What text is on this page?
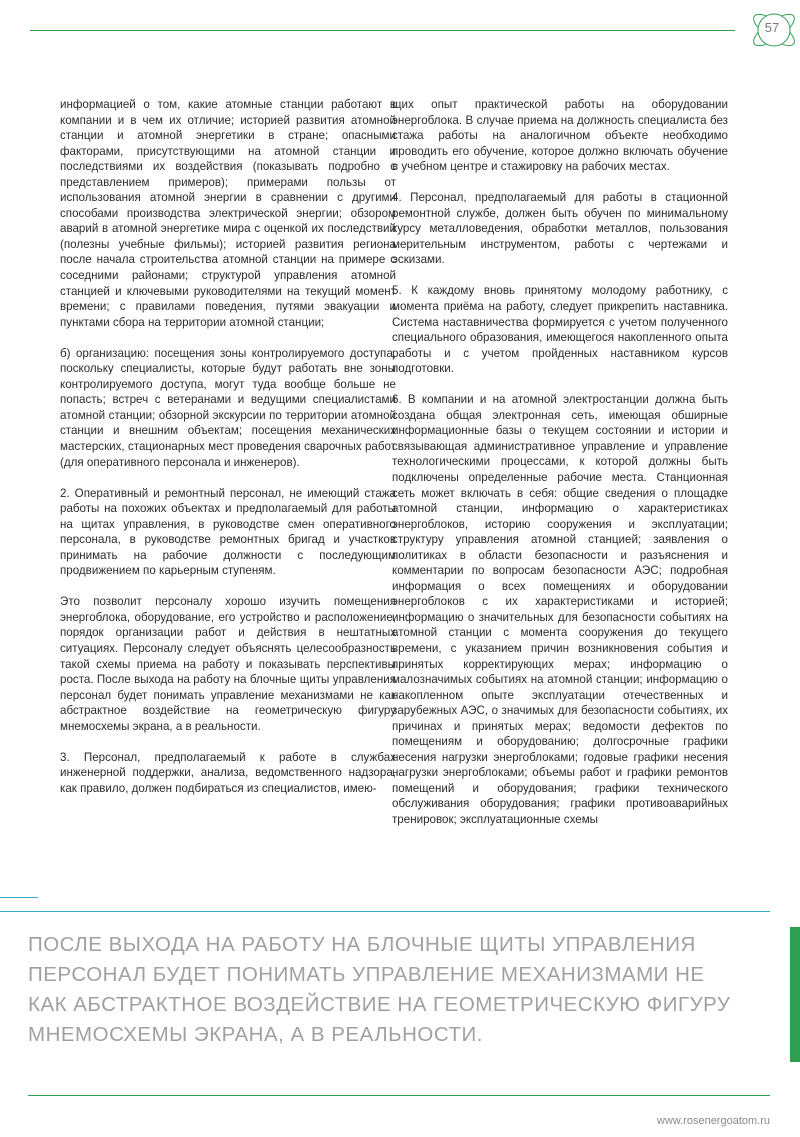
57

информацией о том, какие атомные станции работают в компании и в чем их отличие; историей развития атомной станции и атомной энергетики в стране; опасными факторами, присутствующими на атомной станции и последствиями их воздействия (показывать подробно с представлением примеров); примерами пользы от использования атомной энергии в сравнении с другими способами производства электрической энергии; обзором аварий в атомной энергетике мира с оценкой их последствий (полезны учебные фильмы); историей развития региона после начала строительства атомной станции на примере с соседними районами; структурой управления атомной станцией и ключевыми руководителями на текущий момент времени; с правилами поведения, путями эвакуации и пунктами сбора на территории атомной станции;

б) организацию: посещения зоны контролируемого доступа, поскольку специалисты, которые будут работать вне зоны контролируемого доступа, могут туда вообще больше не попасть; встреч с ветеранами и ведущими специалистами атомной станции; обзорной экскурсии по территории атомной станции и внешним объектам; посещения механических мастерских, стационарных мест проведения сварочных работ (для оперативного персонала и инженеров).

2. Оперативный и ремонтный персонал, не имеющий стажа работы на похожих объектах и предполагаемый для работы на щитах управления, в руководстве смен оперативного персонала, в руководстве ремонтных бригад и участков принимать на рабочие должности с последующим продвижением по карьерным ступеням.

Это позволит персоналу хорошо изучить помещения энергоблока, оборудование, его устройство и расположение, порядок организации работ и действия в нештатных ситуациях. Персоналу следует объяснять целесообразность такой схемы приема на работу и показывать перспективы роста. После выхода на работу на блочные щиты управления персонал будет понимать управление механизмами не как абстрактное воздействие на геометрическую фигуру мнемосхемы экрана, а в реальности.

3. Персонал, предполагаемый к работе в службах инженерной поддержки, анализа, ведомственного надзора, как правило, должен подбираться из специалистов, имею-

щих опыт практической работы на оборудовании энергоблока. В случае приема на должность специалиста без стажа работы на аналогичном объекте необходимо проводить его обучение, которое должно включать обучение в учебном центре и стажировку на рабочих местах.

4. Персонал, предполагаемый для работы в стационной ремонтной службе, должен быть обучен по минимальному курсу металловедения, обработки металлов, пользования мерительным инструментом, работы с чертежами и эскизами.

5. К каждому вновь принятому молодому работнику, с момента приёма на работу, следует прикрепить наставника. Система наставничества формируется с учетом полученного специального образования, имеющегося накопленного опыта работы и с учетом пройденных наставником курсов подготовки.

6. В компании и на атомной электростанции должна быть создана общая электронная сеть, имеющая обширные информационные базы о текущем состоянии и истории и связывающая административное управление и управление технологическими процессами, к которой должны быть подключены определенные рабочие места. Станционная сеть может включать в себя: общие сведения о площадке атомной станции, информацию о характеристиках энергоблоков, историю сооружения и эксплуатации; структуру управления атомной станцией; заявления о политиках в области безопасности и разъяснения и комментарии по вопросам безопасности АЭС; подробная информация о всех помещениях и оборудовании энергоблоков с их характеристиками и историей; информацию о значительных для безопасности событиях на атомной станции с момента сооружения до текущего времени, с указанием причин возникновения события и принятых корректирующих мерах; информацию о малозначимых событиях на атомной станции; информацию о накопленном опыте эксплуатации отечественных и зарубежных АЭС, о значимых для безопасности событиях, их причинах и принятых мерах; ведомости дефектов по помещениям и оборудованию; долгосрочные графики несения нагрузки энергоблоками; годовые графики несения нагрузки энергоблоками; объемы работ и графики ремонтов помещений и оборудования; графики технического обслуживания оборудования; графики противоаварийных тренировок; эксплуатационные схемы

ПОСЛЕ ВЫХОДА НА РАБОТУ НА БЛОЧНЫЕ ЩИТЫ УПРАВЛЕНИЯ ПЕРСОНАЛ БУДЕТ ПОНИМАТЬ УПРАВЛЕНИЕ МЕХАНИЗМАМИ НЕ КАК АБСТРАКТНОЕ ВОЗДЕЙСТВИЕ НА ГЕОМЕТРИЧЕСКУЮ ФИГУРУ МНЕМОСХЕМЫ ЭКРАНА, А В РЕАЛЬНОСТИ.
www.rosenergoatom.ru
